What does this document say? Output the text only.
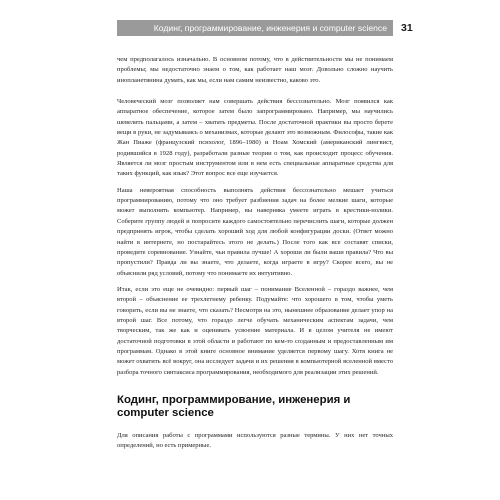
Кодинг, программирование, инженерия и computer science	31

чем предполагалось изначально. В основном потому, что в действительности мы не понимаем проблемы; мы недостаточно знаем о том, как работает наш мозг. Довольно сложно научить инопланетянина думать, как мы, если нам самим неизвестно, каково это.

Человеческий мозг позволяет нам совершать действия бессознательно. Мозг появился как аппаратное обеспечение, которое затем было запрограммировано. Например, мы научились шевелить пальцами, а затем – хватать предметы. После достаточной практики вы просто берете вещи в руки, не задумываясь о механизмах, которые делают это возможным. Философы, такие как Жан Пиаже (французский психолог, 1896–1980) и Ноам Хомский (американский лингвист, родившийся в 1928 году), разработали разные теории о том, как происходит процесс обучения. Является ли мозг простым инструментом или в нем есть специальные аппаратные средства для таких функций, как язык? Этот вопрос все еще изучается.

Наша невероятная способность выполнять действия бессознательно мешает учиться программированию, потому что оно требует разбиения задач на более мелкие шаги, которые может выполнять компьютер. Например, вы наверняка умеете играть в крестики-нолики. Соберите группу людей и попросите каждого самостоятельно перечислить шаги, которые должен предпринять игрок, чтобы сделать хороший ход для любой конфигурации доски. (Ответ можно найти в интернете, но постарайтесь этого не делать.) После того как все составят списки, проведите соревнование. Узнайте, чьи правила лучше! А хороши ли были ваши правила? Что вы пропустили? Правда ли вы знаете, что делаете, когда играете в игру? Скорее всего, вы не объяснили ряд условий, потому что понимаете их интуитивно.

Итак, если это еще не очевидно: первый шаг – понимание Вселенной – гораздо важнее, чем второй – объяснение ее трехлетнему ребенку. Подумайте: что хорошего в том, чтобы уметь говорить, если вы не знаете, что сказать? Несмотря на это, нынешнее образование делает упор на второй шаг. Все потому, что гораздо легче обучать механическим аспектам задачи, чем творческим, так же как и оценивать усвоение материала. И в целом учителя не имеют достаточной подготовки в этой области и работают по кем-то созданным и предоставленным им программам. Однако в этой книге основное внимание уделяется первому шагу. Хотя книга не может охватить всё вокруг, она исследует задачи и их решения в компьютерной вселенной вместо разбора точного синтаксиса программирования, необходимого для реализации этих решений.

Кодинг, программирование, инженерия и computer science

Для описания работы с программами используются разные термины. У них нет точных определений, но есть примерные.
